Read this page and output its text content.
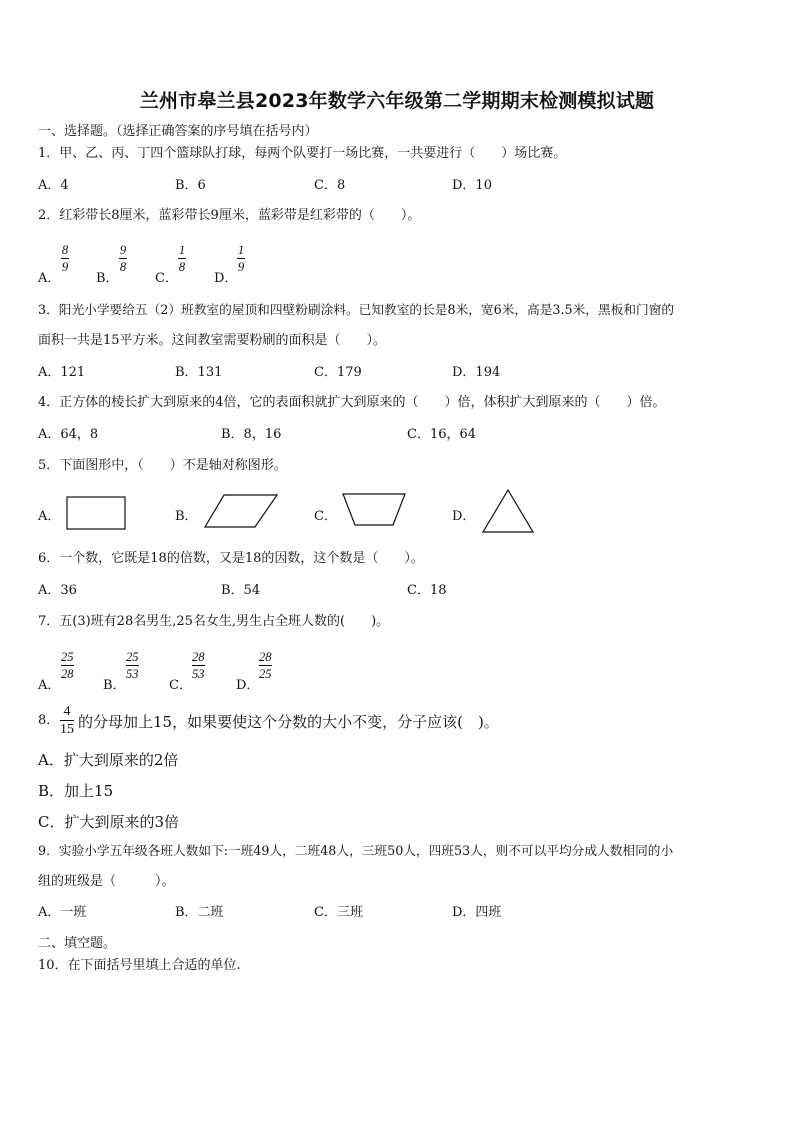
兰州市皋兰县2023年数学六年级第二学期期末检测模拟试题
一、选择题。（选择正确答案的序号填在括号内）
1．甲、乙、丙、丁四个篮球队打球，每两个队要打一场比赛，一共要进行（　　）场比赛。
A．4	B．6	C．8	D．10
2．红彩带长8厘米，蓝彩带长9厘米，蓝彩带是红彩带的（　　）。
A．
8
9
B．
9
8
C．
1
8
D．
1
9
3．阳光小学要给五（2）班教室的屋顶和四壁粉刷涂料。已知教室的长是8米，宽6米，高是3.5米，黑板和门窗的
面积一共是15平方米。这间教室需要粉刷的面积是（　　）。
A．121	B．131	C．179	D．194
4．正方体的棱长扩大到原来的4倍，它的表面积就扩大到原来的（　　）倍，体积扩大到原来的（　　）倍。
A．64，8	B．8，16	C．16，64
5．下面图形中，（　　）不是轴对称图形。
A．	B．	C．	D．
6．一个数，它既是18的倍数，又是18的因数，这个数是（　　）。
A．36	B．54	C．18
7．五(3)班有28名男生,25名女生,男生占全班人数的(　　)。
A．
25
28
B．
25
53
C．
28
53
D．
28
25
8．
4
15 的分母加上15，如果要使这个分数的大小不变，分子应该(　)。
A．扩大到原来的2倍
B．加上15
C．扩大到原来的3倍
9．实验小学五年级各班人数如下:一班49人，二班48人，三班50人，四班53人，则不可以平均分成人数相同的小
组的班级是（　　　）。
A．一班	B．二班	C．三班	D．四班
二、填空题。
10．在下面括号里填上合适的单位.
